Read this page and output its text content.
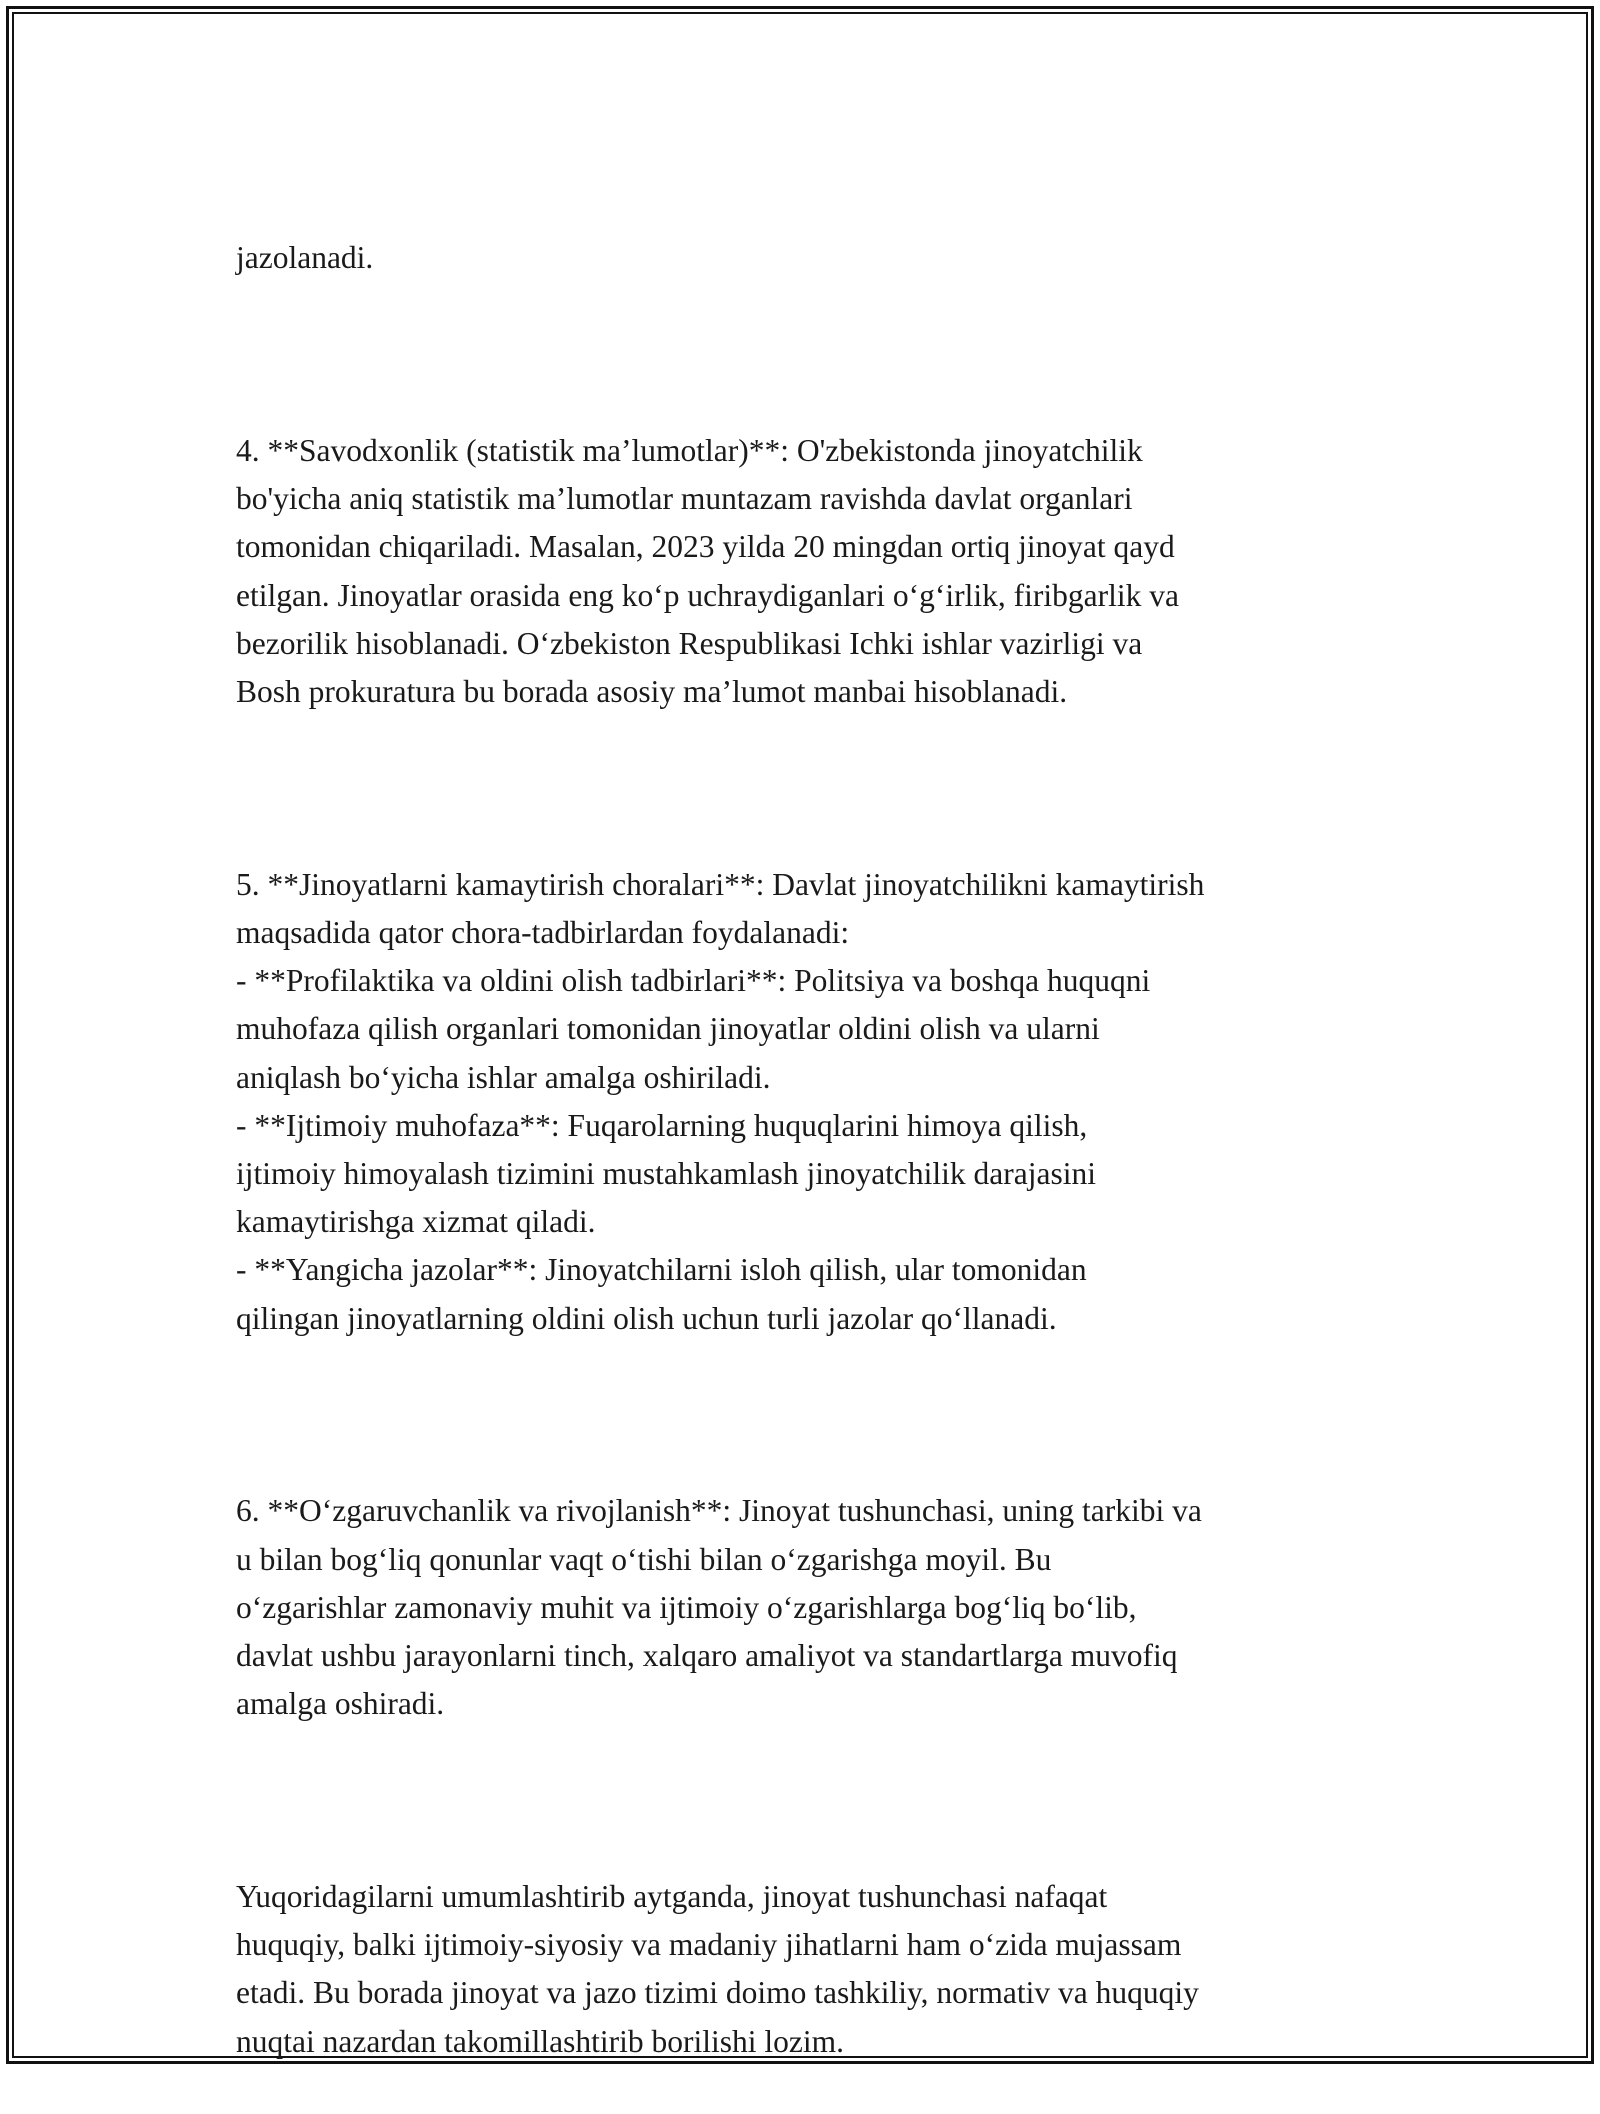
jazolanadi.

4. **Savodxonlik (statistik ma’lumotlar)**: O'zbekistonda jinoyatchilik
bo'yicha aniq statistik ma’lumotlar muntazam ravishda davlat organlari
tomonidan chiqariladi. Masalan, 2023 yilda 20 mingdan ortiq jinoyat qayd
etilgan. Jinoyatlar orasida eng koʻp uchraydiganlari oʻgʻirlik, firibgarlik va
bezorilik hisoblanadi. Oʻzbekiston Respublikasi Ichki ishlar vazirligi va
Bosh prokuratura bu borada asosiy ma’lumot manbai hisoblanadi.

5. **Jinoyatlarni kamaytirish choralari**: Davlat jinoyatchilikni kamaytirish
maqsadida qator chora-tadbirlardan foydalanadi:
- **Profilaktika va oldini olish tadbirlari**: Politsiya va boshqa huquqni
muhofaza qilish organlari tomonidan jinoyatlar oldini olish va ularni
aniqlash boʻyicha ishlar amalga oshiriladi.
- **Ijtimoiy muhofaza**: Fuqarolarning huquqlarini himoya qilish,
ijtimoiy himoyalash tizimini mustahkamlash jinoyatchilik darajasini
kamaytirishga xizmat qiladi.
- **Yangicha jazolar**: Jinoyatchilarni isloh qilish, ular tomonidan
qilingan jinoyatlarning oldini olish uchun turli jazolar qoʻllanadi.

6. **Oʻzgaruvchanlik va rivojlanish**: Jinoyat tushunchasi, uning tarkibi va
u bilan bogʻliq qonunlar vaqt oʻtishi bilan oʻzgarishga moyil. Bu
oʻzgarishlar zamonaviy muhit va ijtimoiy oʻzgarishlarga bogʻliq boʻlib,
davlat ushbu jarayonlarni tinch, xalqaro amaliyot va standartlarga muvofiq
amalga oshiradi.

Yuqoridagilarni umumlashtirib aytganda, jinoyat tushunchasi nafaqat
huquqiy, balki ijtimoiy-siyosiy va madaniy jihatlarni ham oʻzida mujassam
etadi. Bu borada jinoyat va jazo tizimi doimo tashkiliy, normativ va huquqiy
nuqtai nazardan takomillashtirib borilishi lozim.
